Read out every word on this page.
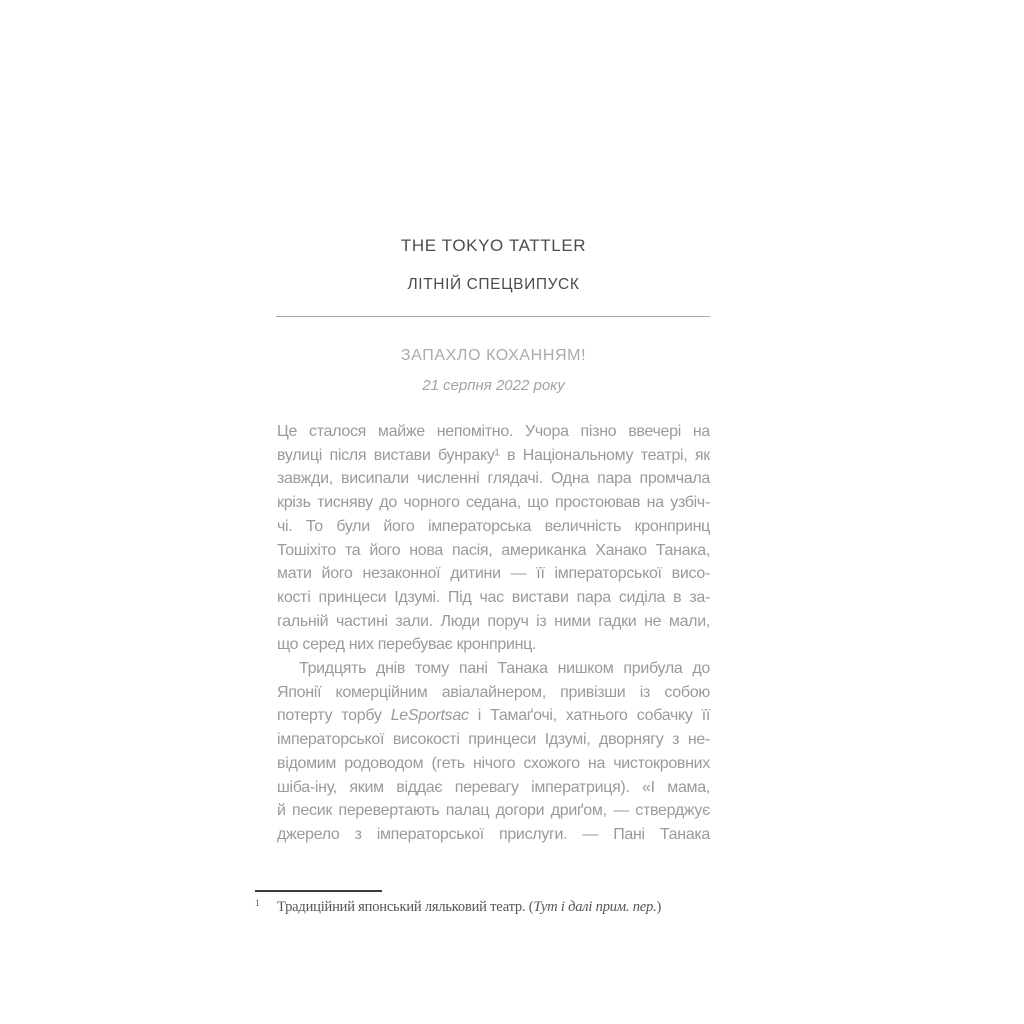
THE TOKYO TATTLER
ЛІТНІЙ СПЕЦВИПУСК
ЗАПАХЛО КОХАННЯМ!
21 серпня 2022 року
Це сталося майже непомітно. Учора пізно ввечері на
вулиці після вистави бунраку¹ в Національному театрі, як
завжди, висипали численні глядачі. Одна пара промчала
крізь тисняву до чорного седана, що простоював на узбіч-
чі. То були його імператорська величність кронпринц
Тошіхіто та його нова пасія, американка Ханако Танака,
мати його незаконної дитини — її імператорської висо-
кості принцеси Ідзумі. Під час вистави пара сиділа в за-
гальній частині зали. Люди поруч із ними гадки не мали,
що серед них перебуває кронпринц.
Тридцять днів тому пані Танака нишком прибула до
Японії комерційним авіалайнером, привізши із собою
потерту торбу LeSportsac і Тамаґочі, хатнього собачку її
імператорської високості принцеси Ідзумі, дворнягу з не-
відомим родоводом (геть нічого схожого на чистокровних
шіба-іну, яким віддає перевагу імператриця). «І мама,
й песик перевертають палац догори дриґом, — стверджує
джерело з імператорської прислуги. — Пані Танака
1 Традиційний японський ляльковий театр. (Тут і далі прим. пер.)
